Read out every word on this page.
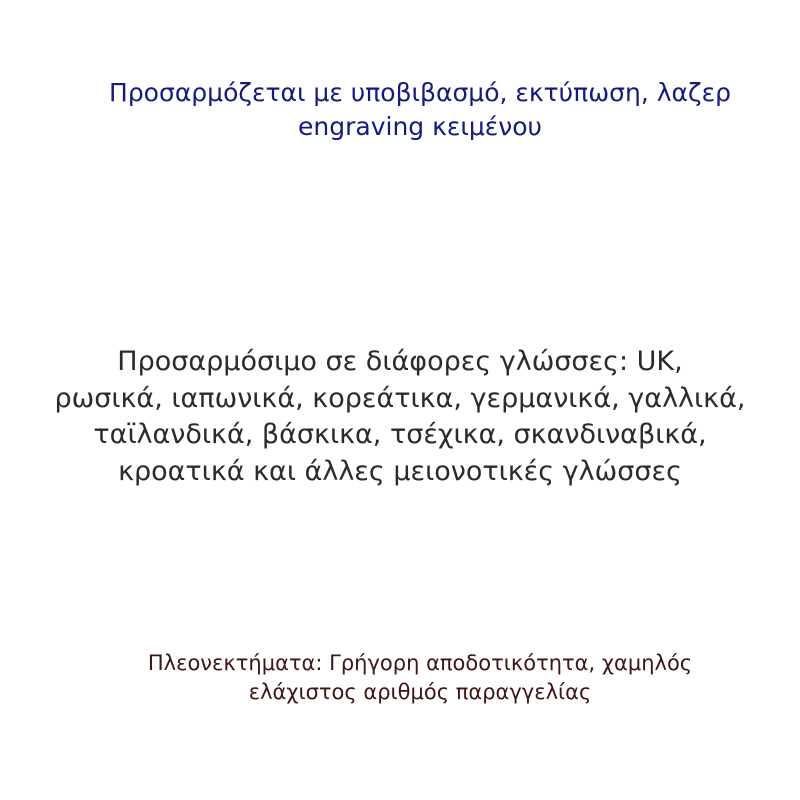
Προσαρμόζεται με υποβιβασμό, εκτύπωση, λαζερ
engraving κειμένου
Προσαρμόσιμο σε διάφορες γλώσσες: UK,
ρωσικά, ιαπωνικά, κορεάτικα, γερμανικά, γαλλικά,
ταϊλανδικά, βάσκικα, τσέχικα, σκανδιναβικά,
κροατικά και άλλες μειονοτικές γλώσσες
Πλεονεκτήματα: Γρήγορη αποδοτικότητα, χαμηλός
ελάχιστος αριθμός παραγγελίας
